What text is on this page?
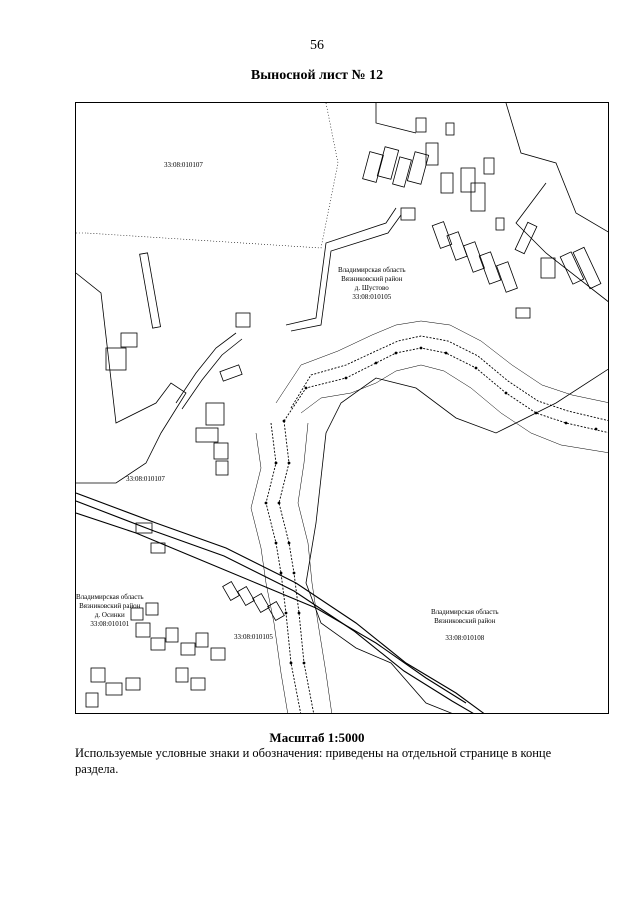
56
Выносной лист № 12
33:08:010107
Владимирская область
Вязниковский район
д. Шустово
33:08:010105
33:08:010107
Владимирская область
Вязниковский район
д. Осинки
33:08:010101
33:08:010105
Владимирская область
Вязниковский район
33:08:010108
Масштаб 1:5000
Используемые условные знаки и обозначения: приведены на отдельной странице в конце раздела.
